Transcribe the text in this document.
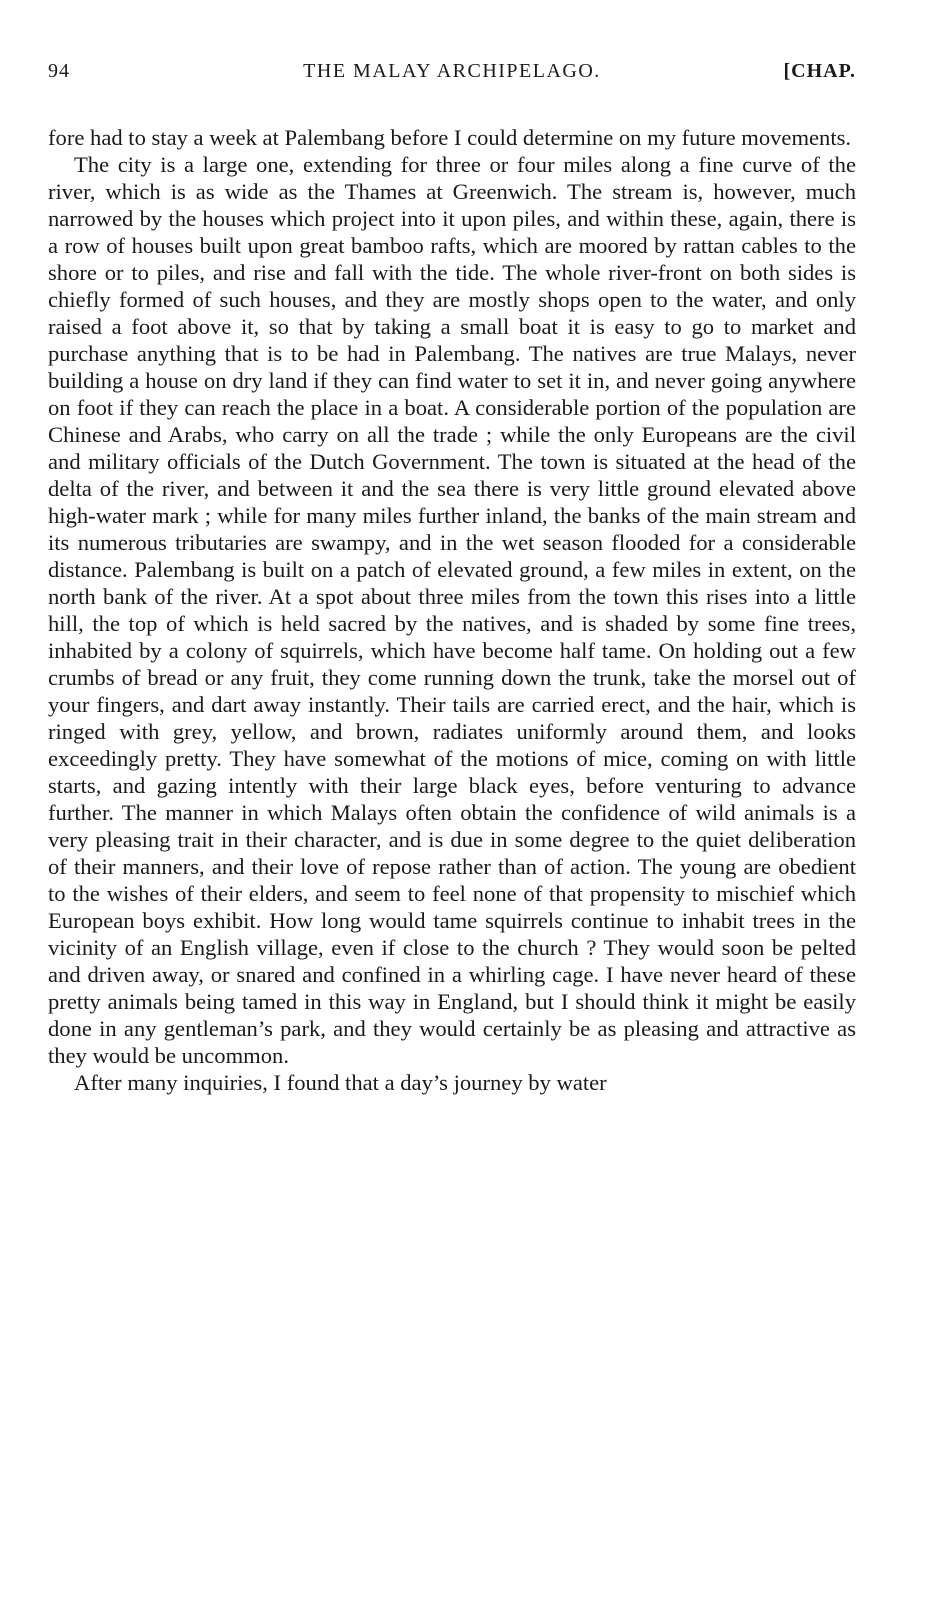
94	THE MALAY ARCHIPELAGO.	[CHAP.

fore had to stay a week at Palembang before I could determine on my future movements.

The city is a large one, extending for three or four miles along a fine curve of the river, which is as wide as the Thames at Greenwich. The stream is, however, much narrowed by the houses which project into it upon piles, and within these, again, there is a row of houses built upon great bamboo rafts, which are moored by rattan cables to the shore or to piles, and rise and fall with the tide. The whole river-front on both sides is chiefly formed of such houses, and they are mostly shops open to the water, and only raised a foot above it, so that by taking a small boat it is easy to go to market and purchase anything that is to be had in Palembang. The natives are true Malays, never building a house on dry land if they can find water to set it in, and never going anywhere on foot if they can reach the place in a boat. A considerable portion of the population are Chinese and Arabs, who carry on all the trade ; while the only Europeans are the civil and military officials of the Dutch Government. The town is situated at the head of the delta of the river, and between it and the sea there is very little ground elevated above high-water mark ; while for many miles further inland, the banks of the main stream and its numerous tributaries are swampy, and in the wet season flooded for a considerable distance. Palembang is built on a patch of elevated ground, a few miles in extent, on the north bank of the river. At a spot about three miles from the town this rises into a little hill, the top of which is held sacred by the natives, and is shaded by some fine trees, inhabited by a colony of squirrels, which have become half tame. On holding out a few crumbs of bread or any fruit, they come running down the trunk, take the morsel out of your fingers, and dart away instantly. Their tails are carried erect, and the hair, which is ringed with grey, yellow, and brown, radiates uniformly around them, and looks exceedingly pretty. They have somewhat of the motions of mice, coming on with little starts, and gazing intently with their large black eyes, before venturing to advance further. The manner in which Malays often obtain the confidence of wild animals is a very pleasing trait in their character, and is due in some degree to the quiet deliberation of their manners, and their love of repose rather than of action. The young are obedient to the wishes of their elders, and seem to feel none of that propensity to mischief which European boys exhibit. How long would tame squirrels continue to inhabit trees in the vicinity of an English village, even if close to the church ? They would soon be pelted and driven away, or snared and confined in a whirling cage. I have never heard of these pretty animals being tamed in this way in England, but I should think it might be easily done in any gentleman’s park, and they would certainly be as pleasing and attractive as they would be uncommon.

After many inquiries, I found that a day’s journey by water
